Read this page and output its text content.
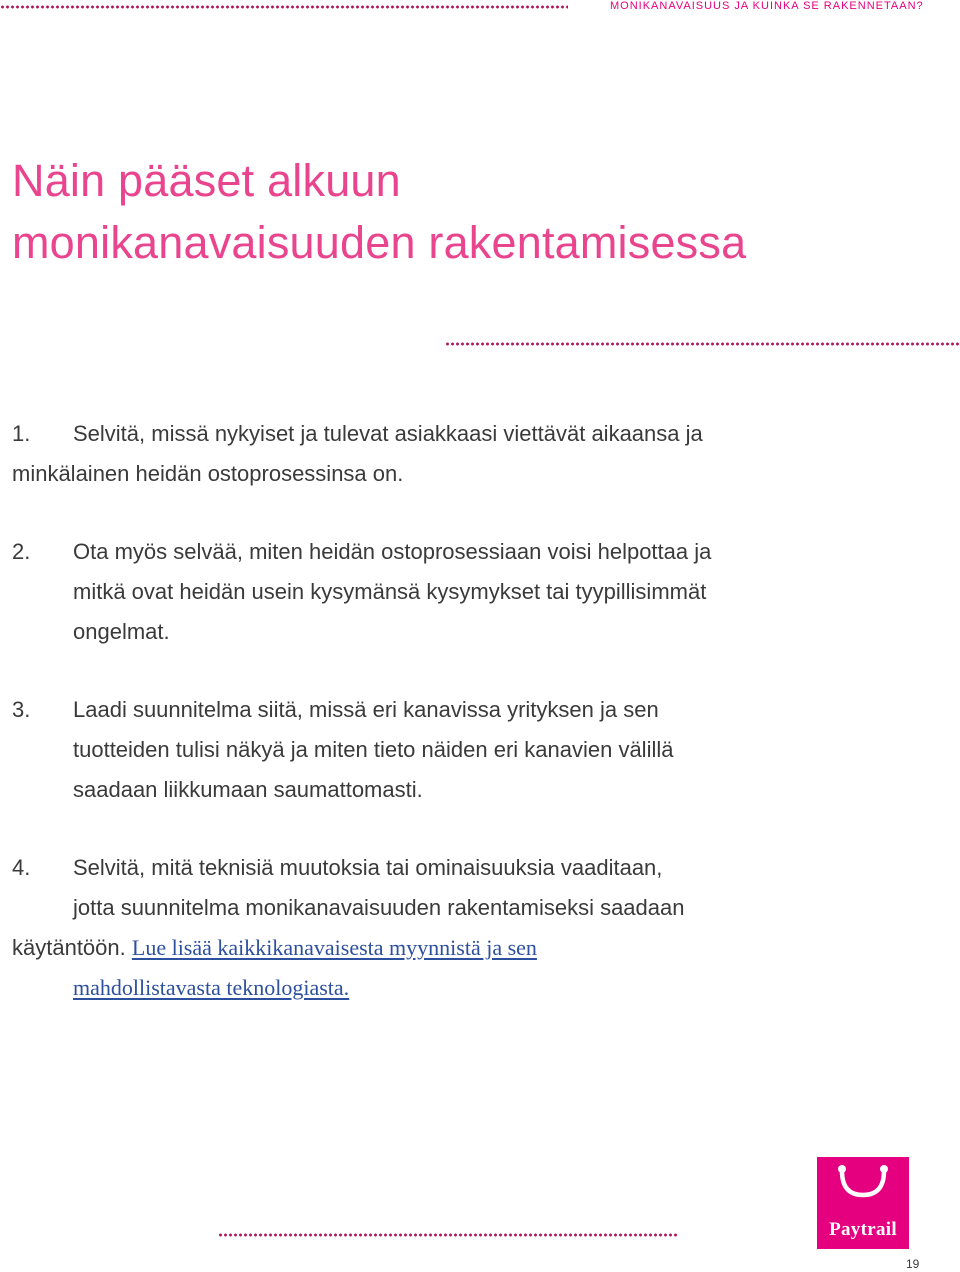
MONIKANAVAISUUS JA KUINKA SE RAKENNETAAN?
Näin pääset alkuun
monikanavaisuuden rakentamisessa
1.	Selvitä, missä nykyiset ja tulevat asiakkaasi viettävät aikaansa ja
minkälainen heidän ostoprosessinsa on.
2.	Ota myös selvää, miten heidän ostoprosessiaan voisi helpottaa ja
mitkä ovat heidän usein kysymänsä kysymykset tai tyypillisimmät
ongelmat.
3.	Laadi suunnitelma siitä, missä eri kanavissa yrityksen ja sen
tuotteiden tulisi näkyä ja miten tieto näiden eri kanavien välillä
saadaan liikkumaan saumattomasti.
4.	Selvitä, mitä teknisiä muutoksia tai ominaisuuksia vaaditaan,
jotta suunnitelma monikanavaisuuden rakentamiseksi saadaan
käytäntöön. Lue lisää kaikkikanavaisesta myynnistä ja sen
mahdollistavasta teknologiasta.
Paytrail
19
